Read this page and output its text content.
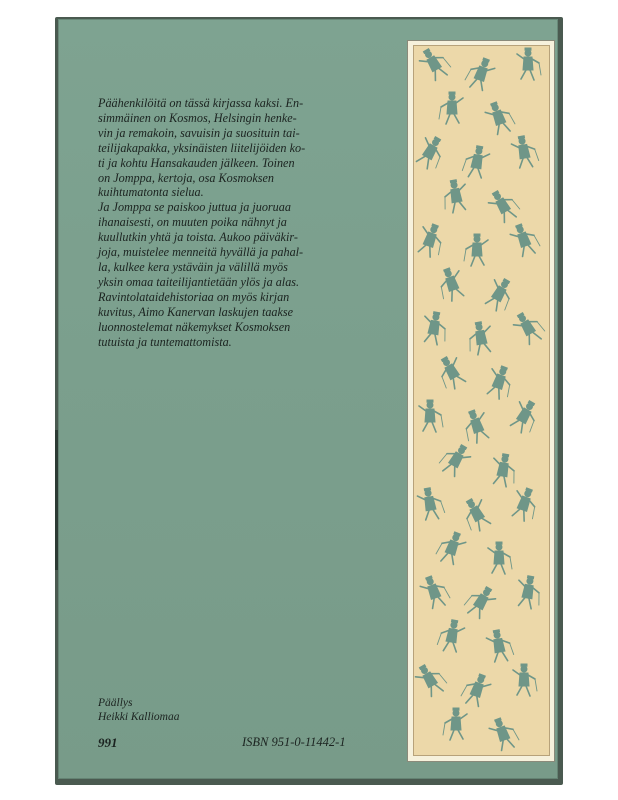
Päähenkilöitä on tässä kirjassa kaksi. En-
simmäinen on Kosmos, Helsingin henke-
vin ja remakoin, savuisin ja suosituin tai-
teilijakapakka, yksinäisten liitelijöiden ko-
ti ja kohtu Hansakauden jälkeen. Toinen
on Jomppa, kertoja, osa Kosmoksen
kuihtumatonta sielua.

Ja Jomppa se paiskoo juttua ja juoruaa
ihanaisesti, on muuten poika nähnyt ja
kuullutkin yhtä ja toista. Aukoo päiväkir-
joja, muistelee menneitä hyvällä ja pahal-
la, kulkee kera ystäväin ja välillä myös
yksin omaa taiteilijantietään ylös ja alas.
Ravintolataidehistoriaa on myös kirjan
kuvitus, Aimo Kanervan laskujen taakse
luonnostelemat näkemykset Kosmoksen
tutuista ja tuntemattomista.

Päällys
Heikki Kalliomaa
991	ISBN 951-0-11442-1
